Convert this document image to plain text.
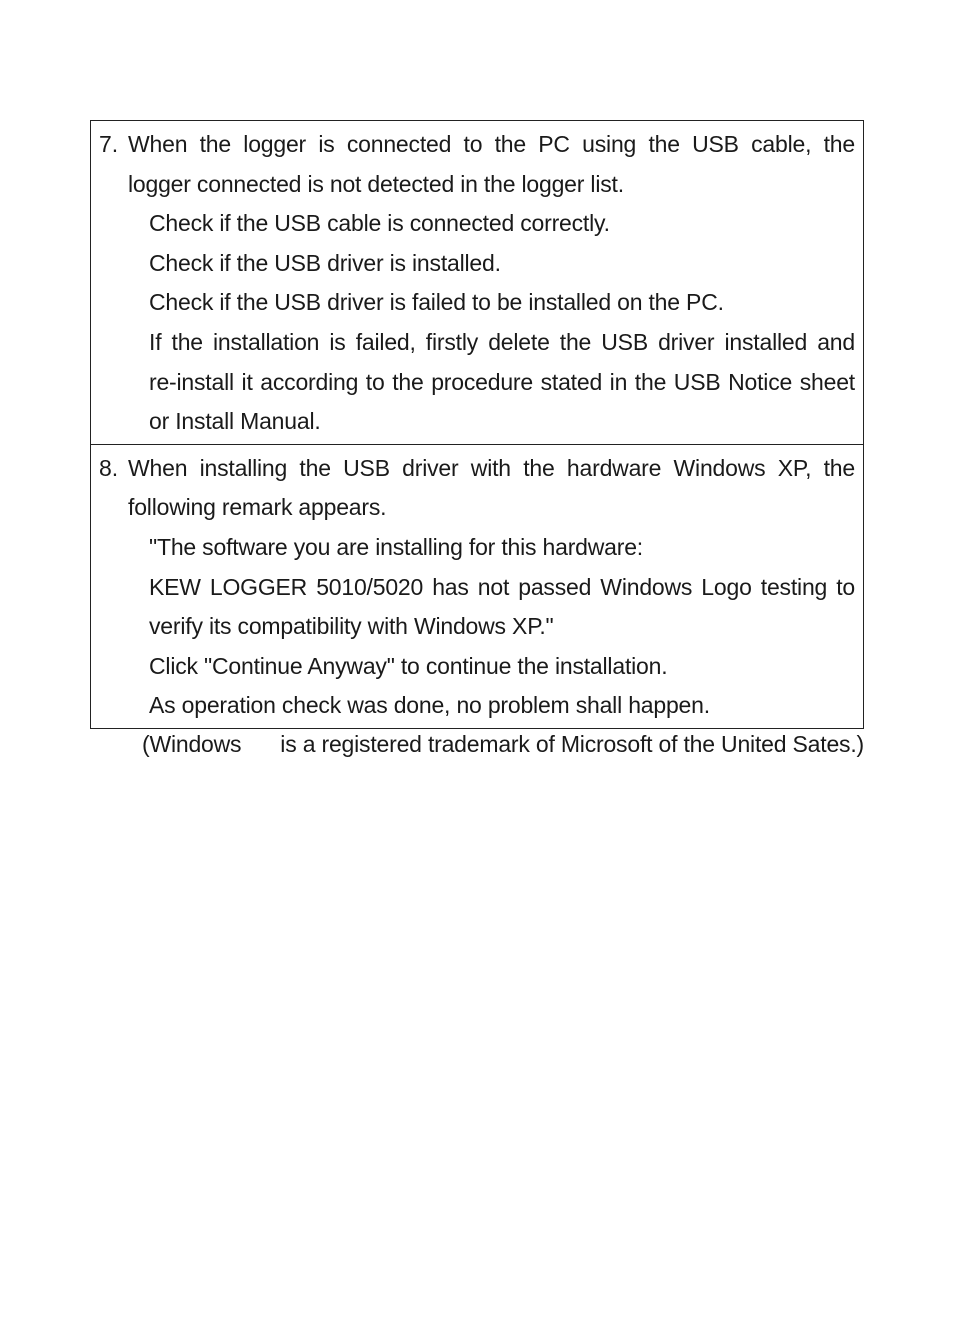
7. When the logger is connected to the PC using the USB cable, the
logger connected is not detected in the logger list.
Check if the USB cable is connected correctly.
Check if the USB driver is installed.
Check if the USB driver is failed to be installed on the PC.
If the installation is failed, firstly delete the USB driver installed and
re-install it according to the procedure stated in the USB Notice sheet
or Install Manual.
8. When installing the USB driver with the hardware Windows XP, the
following remark appears.
"The software you are installing for this hardware:
KEW LOGGER 5010/5020 has not passed Windows Logo testing to
verify its compatibility with Windows XP."
Click "Continue Anyway" to continue the installation.
As operation check was done, no problem shall happen.
(Windows is a registered trademark of Microsoft of the United Sates.)
